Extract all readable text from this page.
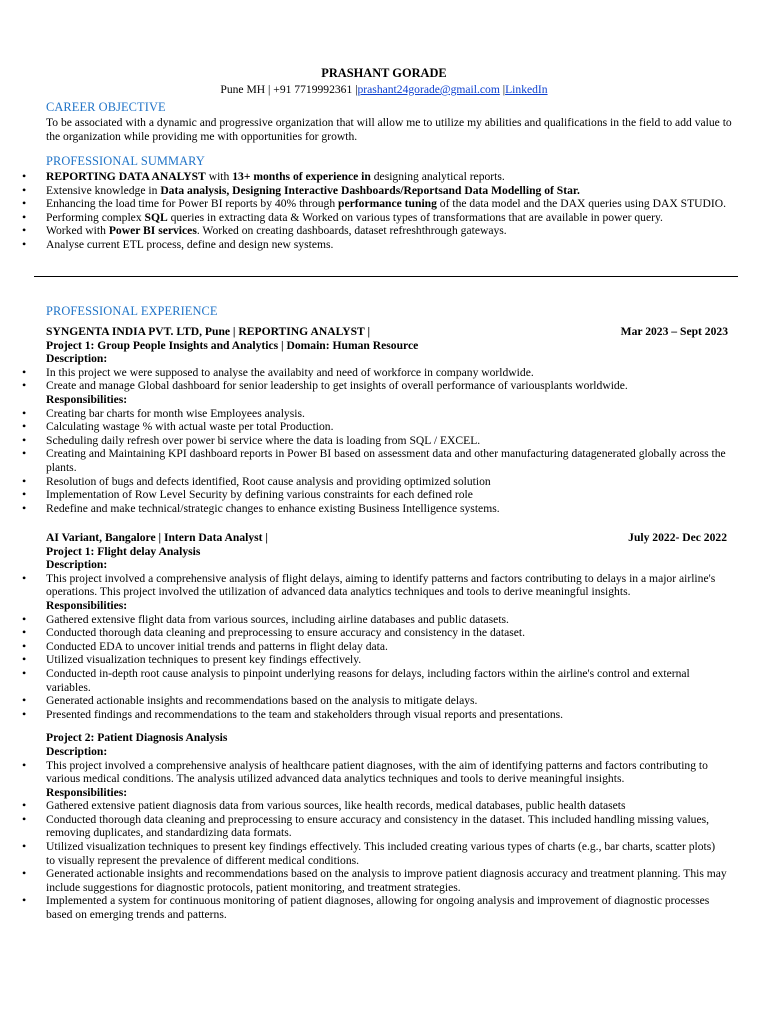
PRASHANT GORADE
Pune MH | +91 7719992361 |prashant24gorade@gmail.com |LinkedIn
CAREER OBJECTIVE

To be associated with a dynamic and progressive organization that will allow me to utilize my abilities and qualifications in the field to add value to the organization while providing me with opportunities for growth.

PROFESSIONAL SUMMARY
• REPORTING DATA ANALYST with 13+ months of experience in designing analytical reports.
• Extensive knowledge in Data analysis, Designing Interactive Dashboards/Reportsand Data Modelling of Star.
• Enhancing the load time for Power BI reports by 40% through performance tuning of the data model and the DAX queries using DAX STUDIO.
• Performing complex SQL queries in extracting data & Worked on various types of transformations that are available in power query.
• Worked with Power BI services. Worked on creating dashboards, dataset refreshthrough gateways.
• Analyse current ETL process, define and design new systems.
PROFESSIONAL EXPERIENCE
SYNGENTA INDIA PVT. LTD, Pune | REPORTING ANALYST |	Mar 2023 – Sept 2023
Project 1: Group People Insights and Analytics | Domain: Human Resource
Description:
• In this project we were supposed to analyse the availabity and need of workforce in company worldwide.
• Create and manage Global dashboard for senior leadership to get insights of overall performance of variousplants worldwide.
Responsibilities:
• Creating bar charts for month wise Employees analysis.
• Calculating wastage % with actual waste per total Production.
• Scheduling daily refresh over power bi service where the data is loading from SQL / EXCEL.
• Creating and Maintaining KPI dashboard reports in Power BI based on assessment data and other manufacturing datagenerated globally across the plants.
• Resolution of bugs and defects identified, Root cause analysis and providing optimized solution
• Implementation of Row Level Security by defining various constraints for each defined role
• Redefine and make technical/strategic changes to enhance existing Business Intelligence systems.
AI Variant, Bangalore | Intern Data Analyst |	July 2022- Dec 2022
Project 1: Flight delay Analysis
Description:
• This project involved a comprehensive analysis of flight delays, aiming to identify patterns and factors contributing to delays in a major airline's operations. This project involved the utilization of advanced data analytics techniques and tools to derive meaningful insights.
Responsibilities:
• Gathered extensive flight data from various sources, including airline databases and public datasets.
• Conducted thorough data cleaning and preprocessing to ensure accuracy and consistency in the dataset.
• Conducted EDA to uncover initial trends and patterns in flight delay data.
• Utilized visualization techniques to present key findings effectively.
• Conducted in-depth root cause analysis to pinpoint underlying reasons for delays, including factors within the airline's control and external variables.
• Generated actionable insights and recommendations based on the analysis to mitigate delays.
• Presented findings and recommendations to the team and stakeholders through visual reports and presentations.
Project 2: Patient Diagnosis Analysis
Description:
• This project involved a comprehensive analysis of healthcare patient diagnoses, with the aim of identifying patterns and factors contributing to various medical conditions. The analysis utilized advanced data analytics techniques and tools to derive meaningful insights.
Responsibilities:
• Gathered extensive patient diagnosis data from various sources, like health records, medical databases, public health datasets
• Conducted thorough data cleaning and preprocessing to ensure accuracy and consistency in the dataset. This included handling missing values, removing duplicates, and standardizing data formats.
• Utilized visualization techniques to present key findings effectively. This included creating various types of charts (e.g., bar charts, scatter plots) to visually represent the prevalence of different medical conditions.
• Generated actionable insights and recommendations based on the analysis to improve patient diagnosis accuracy and treatment planning. This may include suggestions for diagnostic protocols, patient monitoring, and treatment strategies.
• Implemented a system for continuous monitoring of patient diagnoses, allowing for ongoing analysis and improvement of diagnostic processes based on emerging trends and patterns.
